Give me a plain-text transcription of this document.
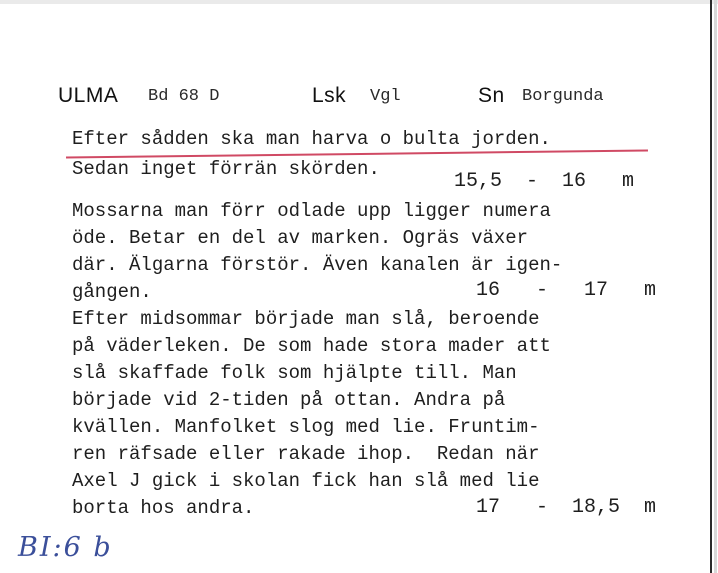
ULMA Bd 68 D	Lsk Vgl	Sn Borgunda
Efter sådden ska man harva o bulta jorden.
Sedan inget förrän skörden.
15,5  -  16   m
Mossarna man förr odlade upp ligger numera
öde. Betar en del av marken. Ogräs växer
där. Älgarna förstör. Även kanalen är igen-
gången.	16   -   17   m
Efter midsommar började man slå, beroende
på väderleken. De som hade stora mader att
slå skaffade folk som hjälpte till. Man
började vid 2-tiden på ottan. Andra på
kvällen. Manfolket slog med lie. Fruntim-
ren räfsade eller rakade ihop.  Redan när
Axel J gick i skolan fick han slå med lie
borta hos andra.	17   -  18,5  m
BI:6 b
